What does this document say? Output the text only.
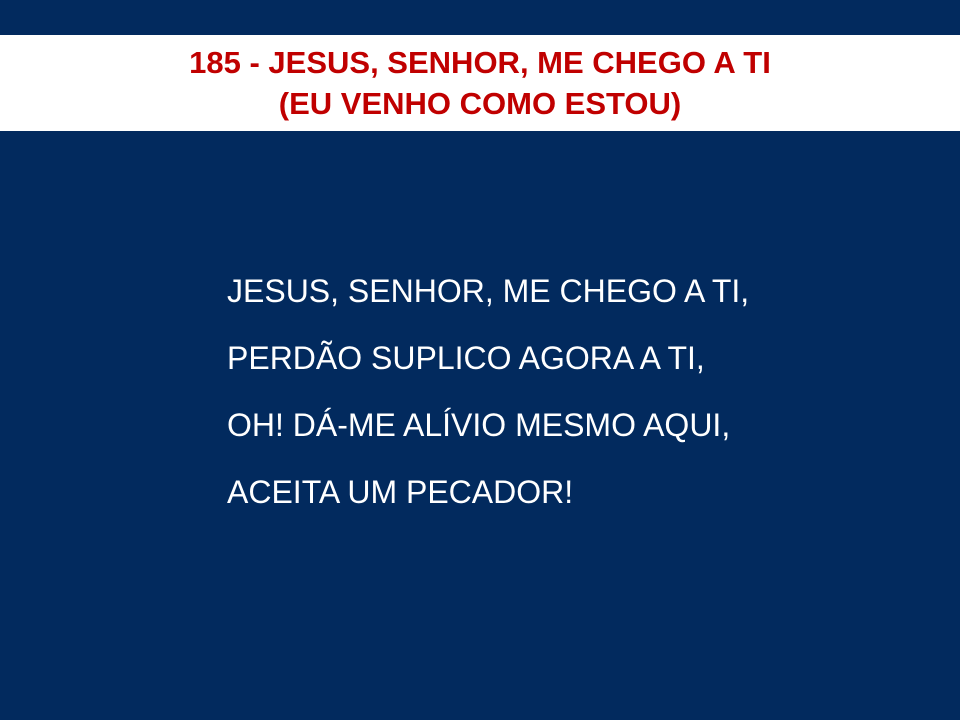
185 - JESUS, SENHOR, ME CHEGO A TI
(EU VENHO COMO ESTOU)
JESUS, SENHOR, ME CHEGO A TI,
PERDÃO SUPLICO AGORA A TI,
OH! DÁ-ME ALÍVIO MESMO AQUI,
ACEITA UM PECADOR!
